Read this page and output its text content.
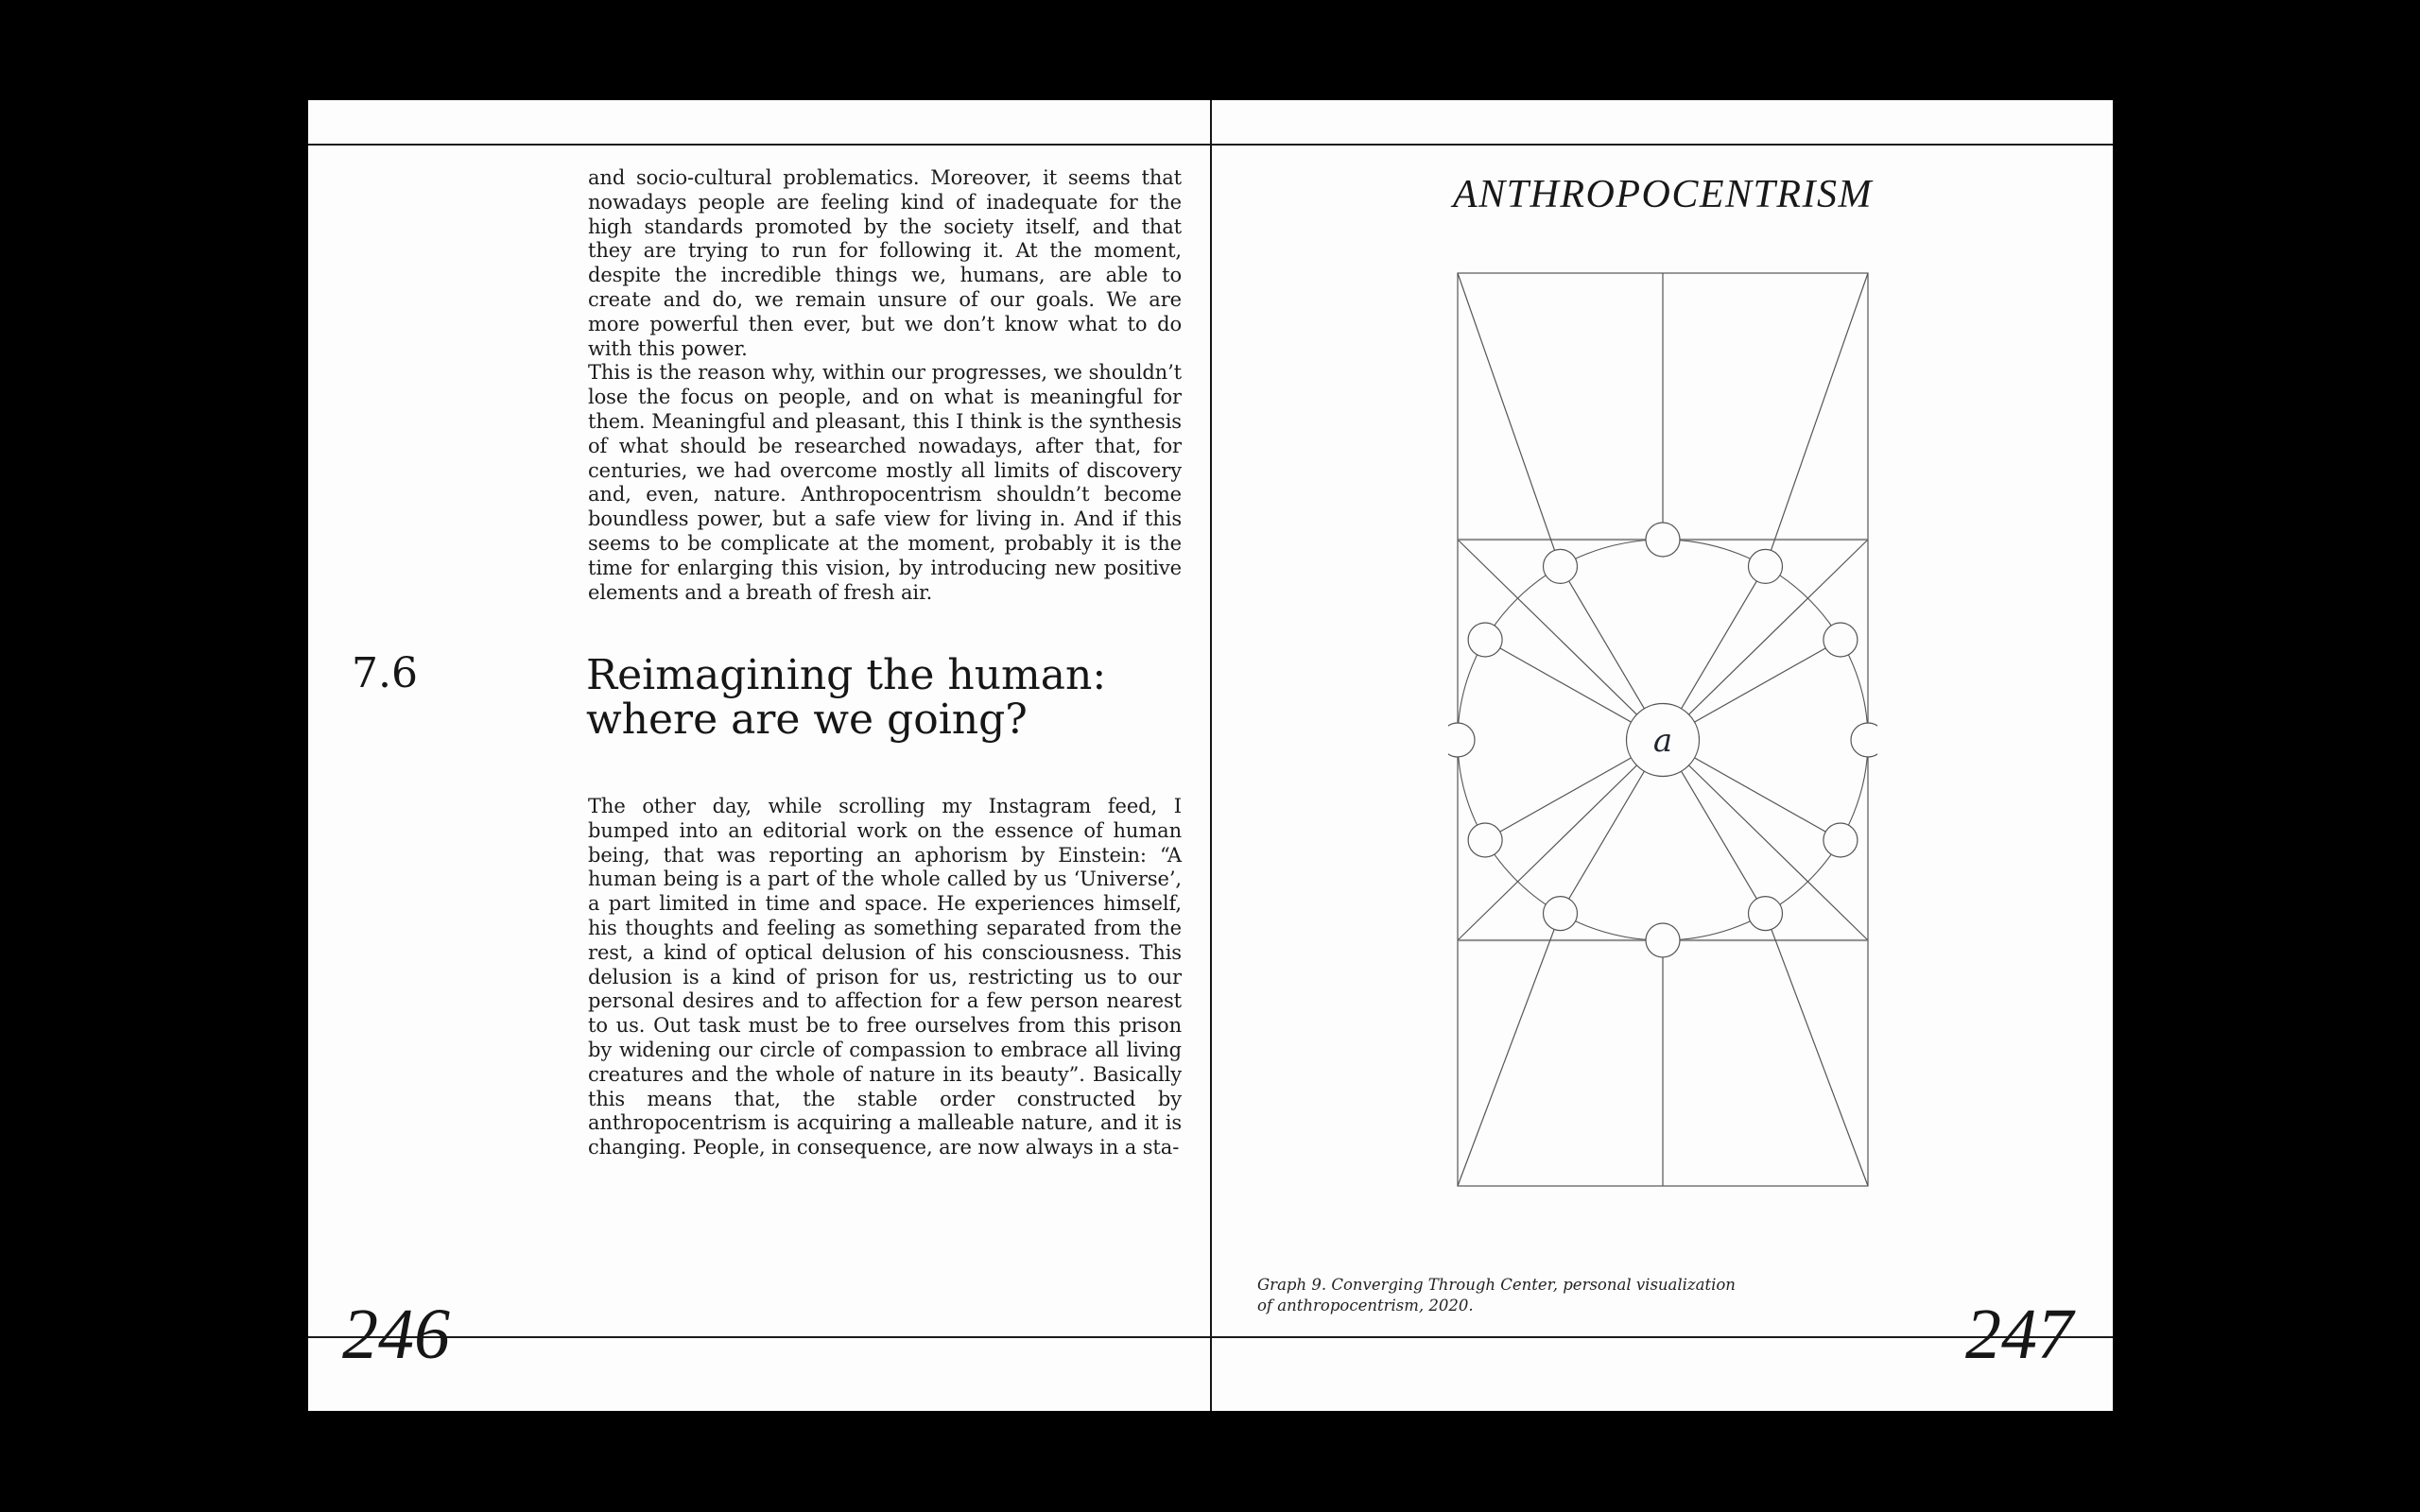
and socio-cultural problematics. Moreover, it seems that nowadays people are feeling kind of inadequate for the high standards promoted by the society itself, and that they are trying to run for following it. At the moment, despite the incredible things we, humans, are able to create and do, we remain unsure of our goals. We are more powerful then ever, but we don’t know what to do with this power.

This is the reason why, within our progresses, we shouldn’t lose the focus on people, and on what is meaningful for them. Meaningful and pleasant, this I think is the synthesis of what should be researched nowadays, after that, for centuries, we had overcome mostly all limits of discovery and, even, nature. Anthropocentrism shouldn’t become boundless power, but a safe view for living in. And if this seems to be complicate at the moment, probably it is the time for enlarging this vision, by introducing new positive elements and a breath of fresh air.

7.6	Reimagining the human:
where are we going?

The other day, while scrolling my Instagram feed, I bumped into an editorial work on the essence of human being, that was reporting an aphorism by Einstein: “A human being is a part of the whole called by us ‘Universe’, a part limited in time and space. He experiences himself, his thoughts and feeling as something separated from the rest, a kind of optical delusion of his consciousness. This delusion is a kind of prison for us, restricting us to our personal desires and to affection for a few person nearest to us. Out task must be to free ourselves from this prison by widening our circle of compassion to embrace all living creatures and the whole of nature in its beauty”. Basically this means that, the stable order constructed by anthropocentrism is acquiring a malleable nature, and it is changing. People, in consequence, are now always in a sta-

246
ANTHROPOCENTRISM
a
Graph 9. Converging Through Center, personal visualization
of anthropocentrism, 2020.	247
